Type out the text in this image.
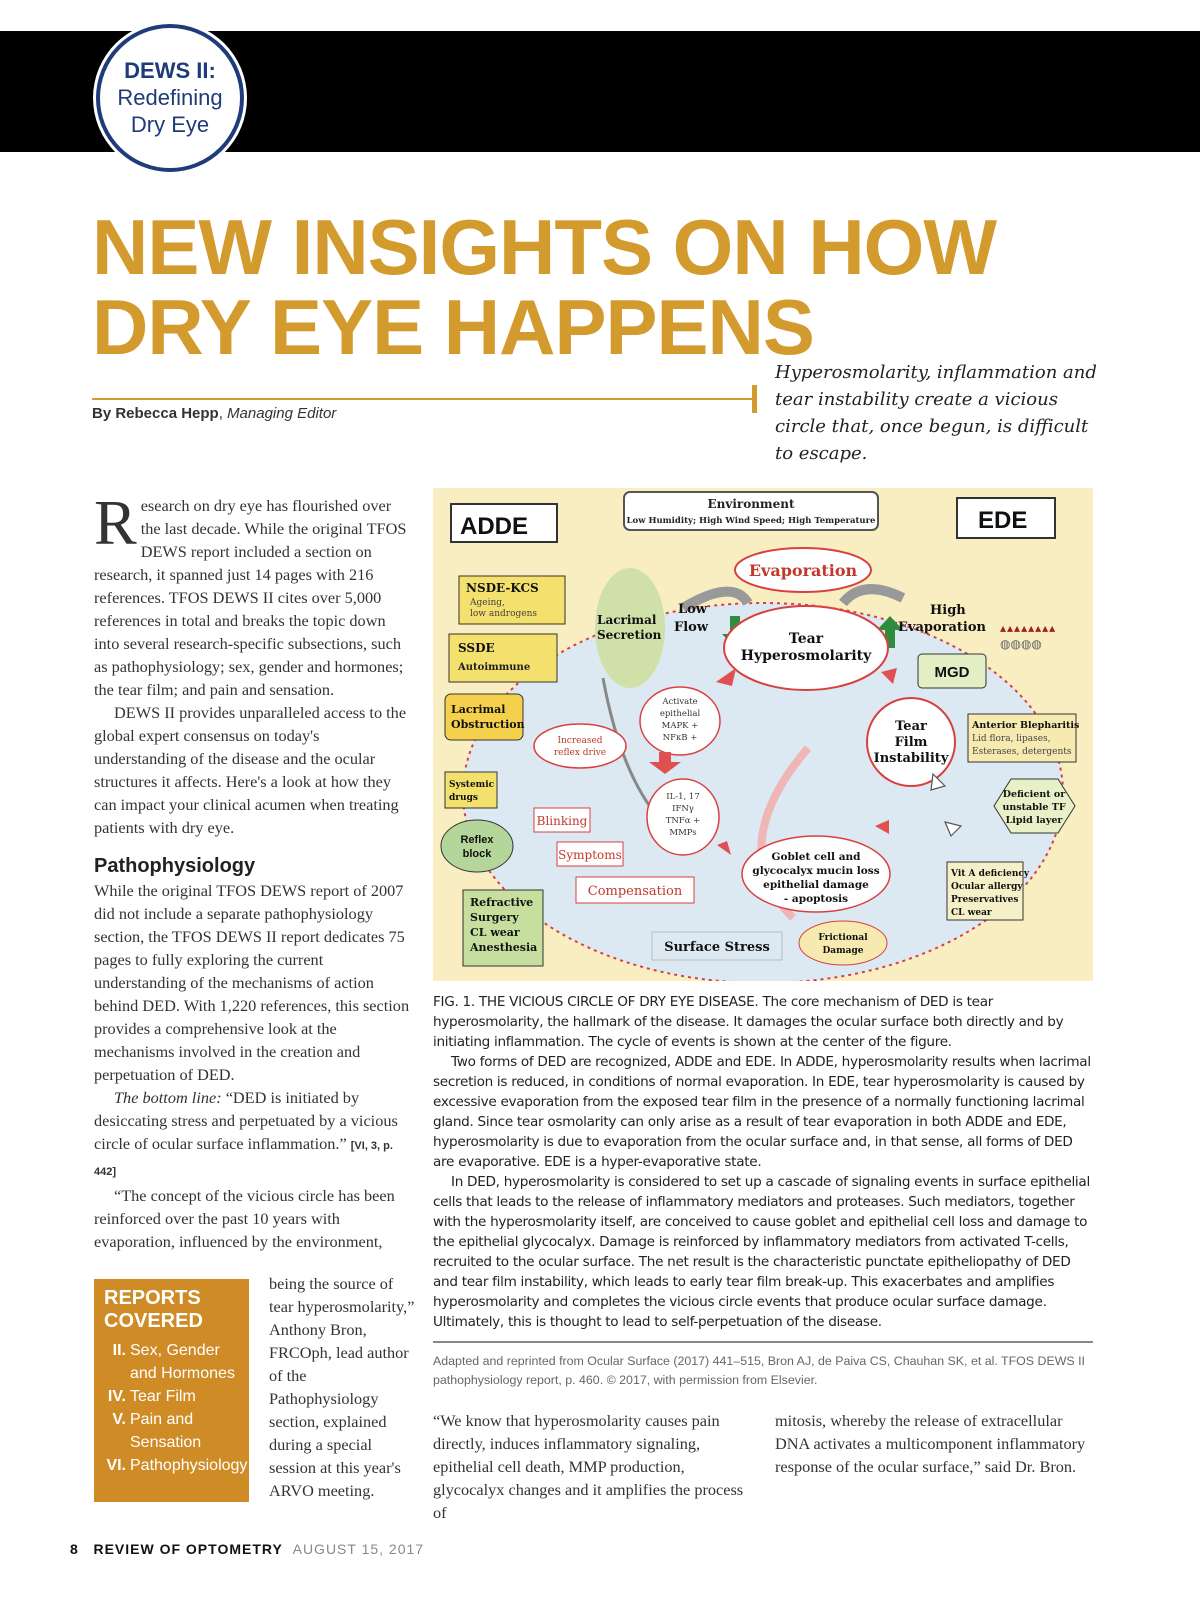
DEWS II:
Redefining
Dry Eye
NEW INSIGHTS ON HOW
DRY EYE HAPPENS
By Rebecca Hepp, Managing Editor
Hyperosmolarity, inflammation and tear instability create a vicious circle that, once begun, is difficult to escape.

Research on dry eye has flourished over the last decade. While the original TFOS DEWS report included a section on research, it spanned just 14 pages with 216 references. TFOS DEWS II cites over 5,000 references in total and breaks the topic down into several research-specific subsections, such as pathophysiology; sex, gender and hormones; the tear film; and pain and sensation.

DEWS II provides unparalleled access to the global expert consensus on today's understanding of the disease and the ocular structures it affects. Here's a look at how they can impact your clinical acumen when treating patients with dry eye.

Pathophysiology

While the original TFOS DEWS report of 2007 did not include a separate pathophysiology section, the TFOS DEWS II report dedicates 75 pages to fully exploring the current understanding of the mechanisms of action behind DED. With 1,220 references, this section provides a comprehensive look at the mechanisms involved in the creation and perpetuation of DED.

The bottom line: “DED is initiated by desiccating stress and perpetuated by a vicious circle of ocular surface inflammation.” [VI, 3, p. 442]

“The concept of the vicious circle has been reinforced over the past 10 years with evaporation, influenced by the environment,

REPORTS COVERED
II. Sex, Gender and Hormones
IV. Tear Film
V. Pain and Sensation
VI. Pathophysiology
being the source of tear hyperosmolarity,” Anthony Bron, FRCOph, lead author of the Pathophysiology section, explained during a special session at this year's ARVO meeting.
ADDE	EDE
Environment
Low Humidity; High Wind Speed; High Temperature
Evaporation
NSDE-KCS
Ageing,
low androgens
SSDE
Autoimmune
Lacrimal
Obstruction
Systemic
drugs
Reflex
block
Refractive
Surgery
CL wear
Anesthesia
Lacrimal
Secretion
Low
Flow
High
Evaporation
Tear
Hyperosmolarity
▴▴▴▴▴▴▴▴
◍◍◍◍
MGD
Anterior Blepharitis
Lid flora, lipases,
Esterases, detergents
Tear
Film
Instability
Deficient or
unstable TF
Lipid layer
Vit A deficiency
Ocular allergy
Preservatives
CL wear
Activate
epithelial
MAPK +
NFκB +
Increased
reflex drive
IL-1, 17
IFNγ
TNFα +
MMPs
Blinking
Symptoms
Compensation
Goblet cell and
glycocalyx mucin loss
epithelial damage
- apoptosis
Frictional
Damage
Surface Stress

FIG. 1. THE VICIOUS CIRCLE OF DRY EYE DISEASE. The core mechanism of DED is tear hyperosmolarity, the hallmark of the disease. It damages the ocular surface both directly and by initiating inflammation. The cycle of events is shown at the center of the figure.

Two forms of DED are recognized, ADDE and EDE. In ADDE, hyperosmolarity results when lacrimal secretion is reduced, in conditions of normal evaporation. In EDE, tear hyperosmolarity is caused by excessive evaporation from the exposed tear film in the presence of a normally functioning lacrimal gland. Since tear osmolarity can only arise as a result of tear evaporation in both ADDE and EDE, hyperosmolarity is due to evaporation from the ocular surface and, in that sense, all forms of DED are evaporative. EDE is a hyper-evaporative state.

In DED, hyperosmolarity is considered to set up a cascade of signaling events in surface epithelial cells that leads to the release of inflammatory mediators and proteases. Such mediators, together with the hyperosmolarity itself, are conceived to cause goblet and epithelial cell loss and damage to the epithelial glycocalyx. Damage is reinforced by inflammatory mediators from activated T-cells, recruited to the ocular surface. The net result is the characteristic punctate epitheliopathy of DED and tear film instability, which leads to early tear film break-up. This exacerbates and amplifies hyperosmolarity and completes the vicious circle events that produce ocular surface damage. Ultimately, this is thought to lead to self-perpetuation of the disease.

Adapted and reprinted from Ocular Surface (2017) 441–515, Bron AJ, de Paiva CS, Chauhan SK, et al. TFOS DEWS II pathophysiology report, p. 460. © 2017, with permission from Elsevier.
“We know that hyperosmolarity causes pain directly, induces inflammatory signaling, epithelial cell death, MMP production, glycocalyx changes and it amplifies the process of
mitosis, whereby the release of extracellular DNA activates a multicomponent inflammatory response of the ocular surface,” said Dr. Bron.
8 REVIEW OF OPTOMETRY AUGUST 15, 2017
